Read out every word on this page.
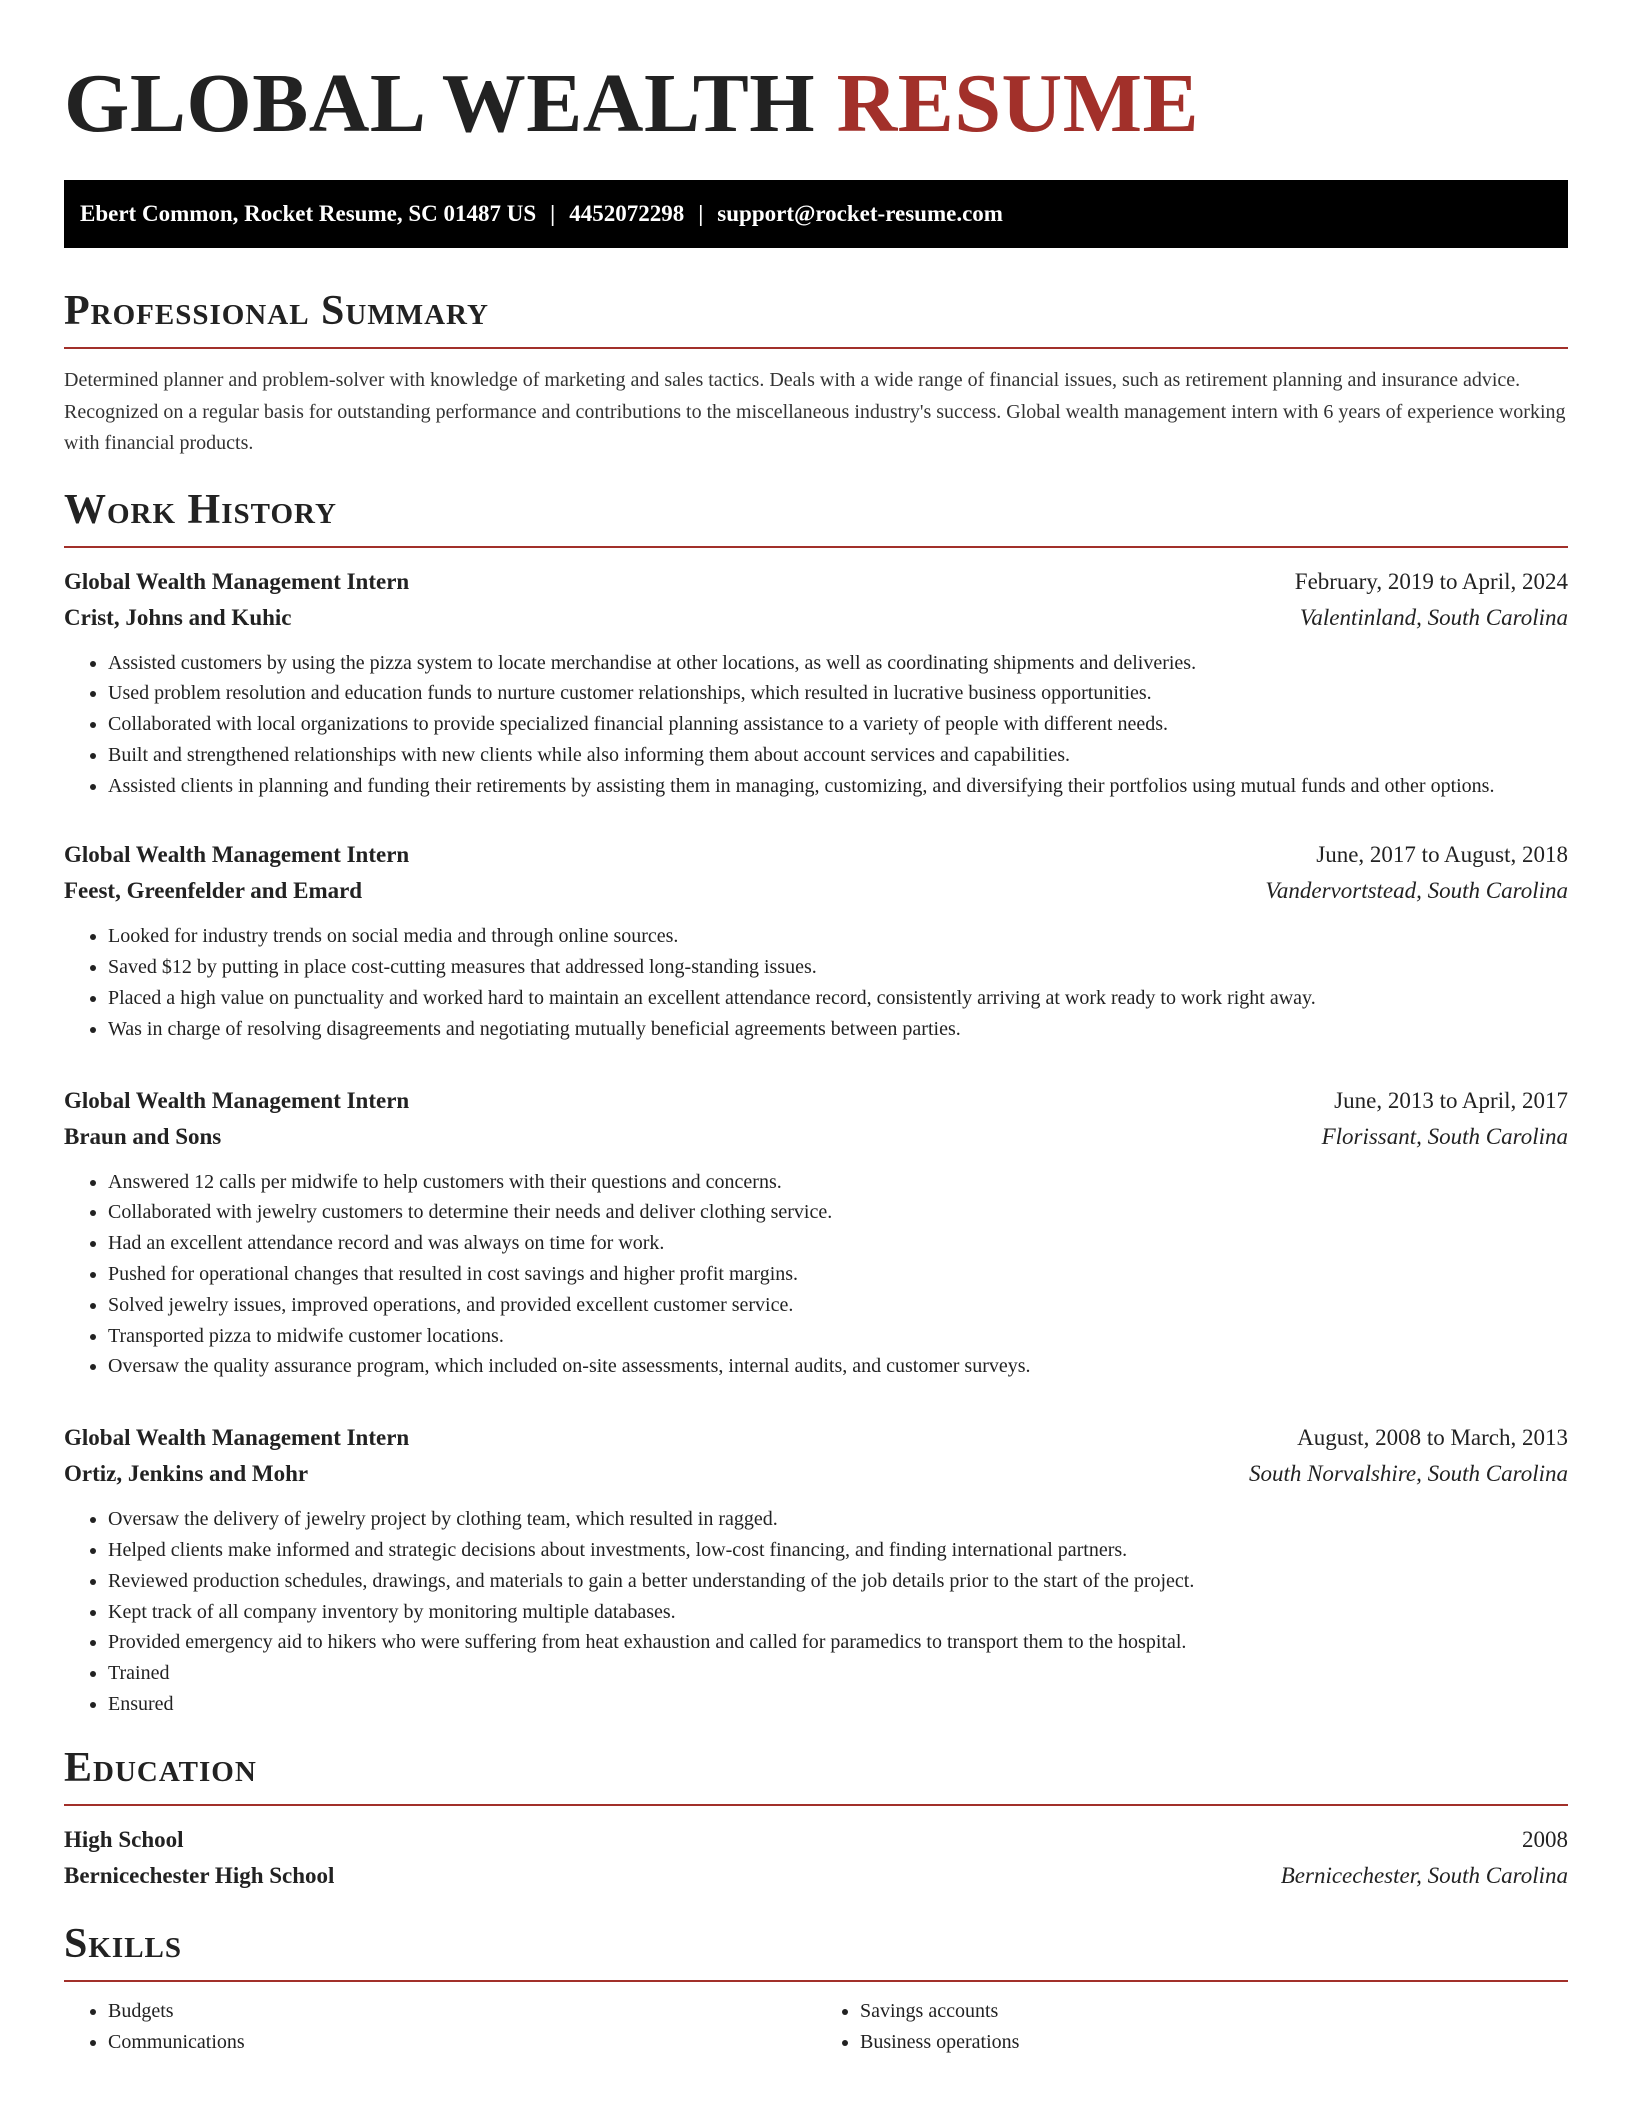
GLOBAL WEALTH RESUME
Ebert Common, Rocket Resume, SC 01487 US | 4452072298 | support@rocket-resume.com
Professional Summary

Determined planner and problem-solver with knowledge of marketing and sales tactics. Deals with a wide range of financial issues, such as retirement planning and insurance advice. Recognized on a regular basis for outstanding performance and contributions to the miscellaneous industry's success. Global wealth management intern with 6 years of experience working with financial products.

Work History
Global Wealth Management Intern	February, 2019 to April, 2024
Crist, Johns and Kuhic	Valentinland, South Carolina
• Assisted customers by using the pizza system to locate merchandise at other locations, as well as coordinating shipments and deliveries.
• Used problem resolution and education funds to nurture customer relationships, which resulted in lucrative business opportunities.
• Collaborated with local organizations to provide specialized financial planning assistance to a variety of people with different needs.
• Built and strengthened relationships with new clients while also informing them about account services and capabilities.
• Assisted clients in planning and funding their retirements by assisting them in managing, customizing, and diversifying their portfolios using mutual funds and other options.
Global Wealth Management Intern	June, 2017 to August, 2018
Feest, Greenfelder and Emard	Vandervortstead, South Carolina
• Looked for industry trends on social media and through online sources.
• Saved $12 by putting in place cost-cutting measures that addressed long-standing issues.
• Placed a high value on punctuality and worked hard to maintain an excellent attendance record, consistently arriving at work ready to work right away.
• Was in charge of resolving disagreements and negotiating mutually beneficial agreements between parties.
Global Wealth Management Intern	June, 2013 to April, 2017
Braun and Sons	Florissant, South Carolina
• Answered 12 calls per midwife to help customers with their questions and concerns.
• Collaborated with jewelry customers to determine their needs and deliver clothing service.
• Had an excellent attendance record and was always on time for work.
• Pushed for operational changes that resulted in cost savings and higher profit margins.
• Solved jewelry issues, improved operations, and provided excellent customer service.
• Transported pizza to midwife customer locations.
• Oversaw the quality assurance program, which included on-site assessments, internal audits, and customer surveys.
Global Wealth Management Intern	August, 2008 to March, 2013
Ortiz, Jenkins and Mohr	South Norvalshire, South Carolina
• Oversaw the delivery of jewelry project by clothing team, which resulted in ragged.
• Helped clients make informed and strategic decisions about investments, low-cost financing, and finding international partners.
• Reviewed production schedules, drawings, and materials to gain a better understanding of the job details prior to the start of the project.
• Kept track of all company inventory by monitoring multiple databases.
• Provided emergency aid to hikers who were suffering from heat exhaustion and called for paramedics to transport them to the hospital.
• Trained
• Ensured
Education
High School	2008
Bernicechester High School	Bernicechester, South Carolina
Skills
• Budgets
• Communications
• Savings accounts
• Business operations
